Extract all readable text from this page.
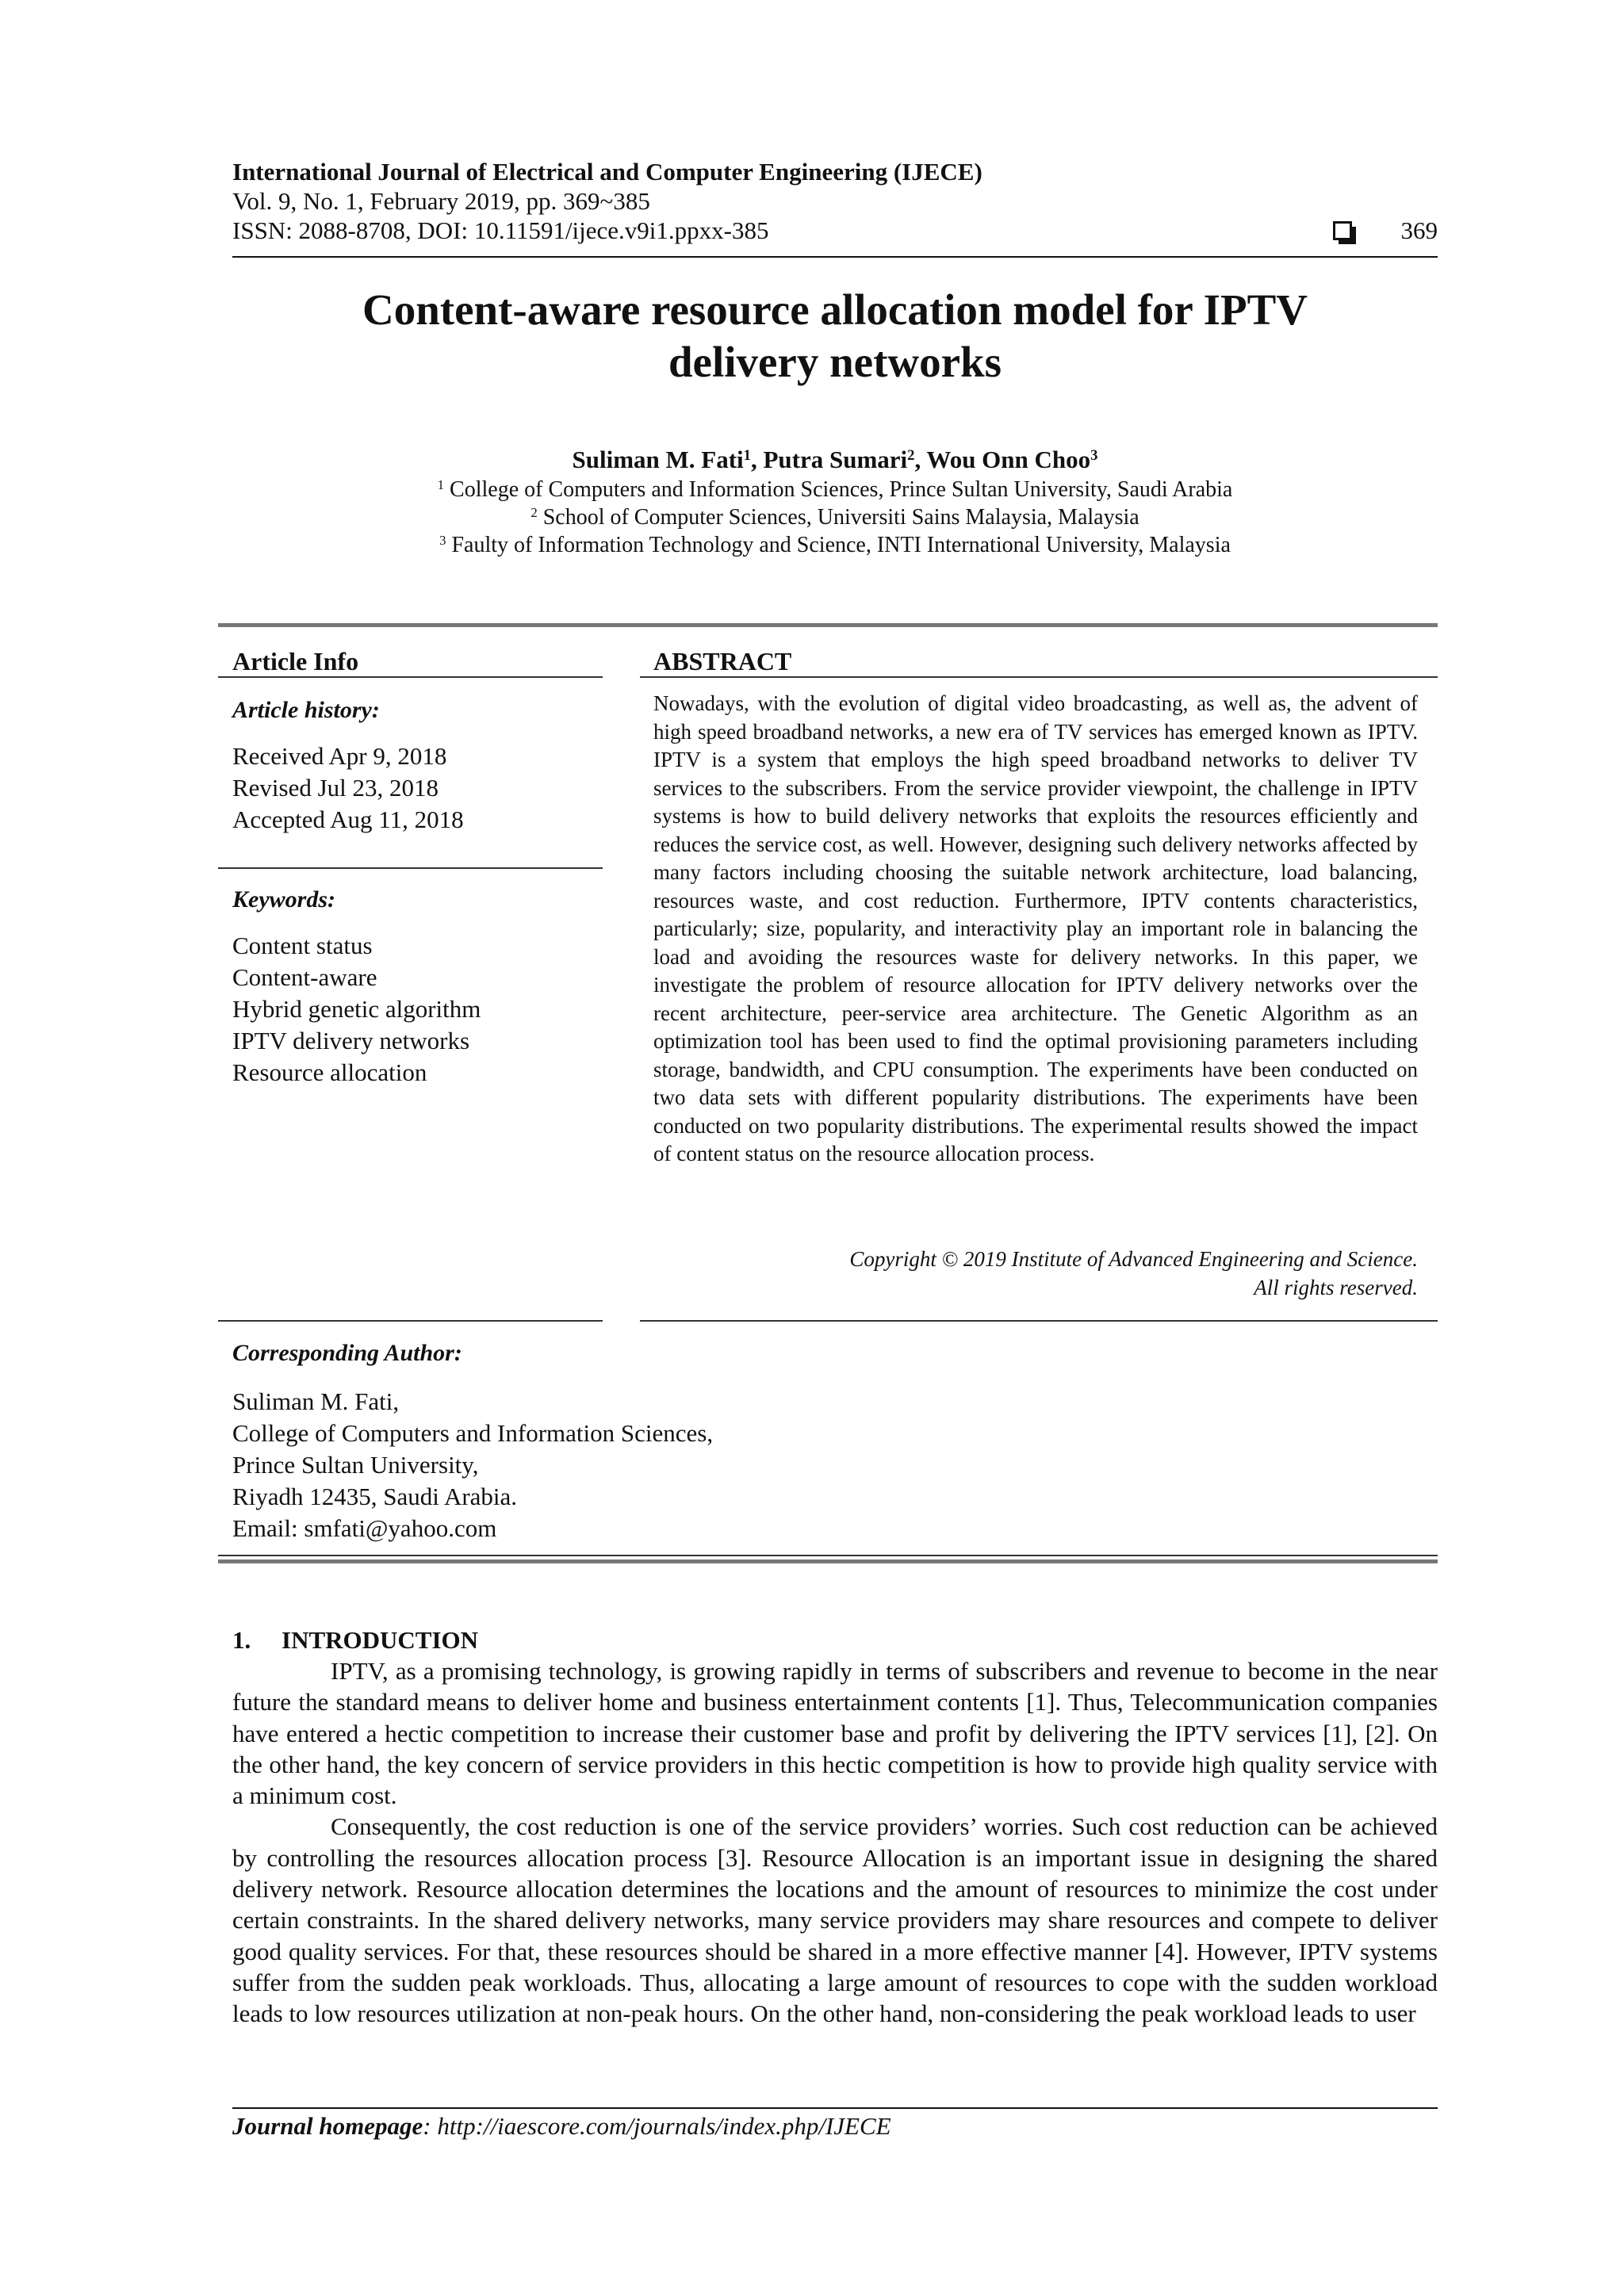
International Journal of Electrical and Computer Engineering (IJECE)
Vol. 9, No. 1, February 2019, pp. 369~385
ISSN: 2088-8708, DOI: 10.11591/ijece.v9i1.ppxx-385	369
Content-aware resource allocation model for IPTV
delivery networks
Suliman M. Fati$^1$, Putra Sumari$^2$, Wou Onn Choo$^3$
$^1$ College of Computers and Information Sciences, Prince Sultan University, Saudi Arabia
$^2$ School of Computer Sciences, Universiti Sains Malaysia, Malaysia
$^3$ Faulty of Information Technology and Science, INTI International University, Malaysia
Article Info
Article history:
Received Apr 9, 2018
Revised Jul 23, 2018
Accepted Aug 11, 2018
Keywords:
Content status
Content-aware
Hybrid genetic algorithm
IPTV delivery networks
Resource allocation
ABSTRACT
Nowadays, with the evolution of digital video broadcasting, as well as, the advent of high speed broadband networks, a new era of TV services has emerged known as IPTV. IPTV is a system that employs the high speed broadband networks to deliver TV services to the subscribers. From the service provider viewpoint, the challenge in IPTV systems is how to build delivery networks that exploits the resources efficiently and reduces the service cost, as well. However, designing such delivery networks affected by many factors including choosing the suitable network architecture, load balancing, resources waste, and cost reduction. Furthermore, IPTV contents characteristics, particularly; size, popularity, and interactivity play an important role in balancing the load and avoiding the resources waste for delivery networks. In this paper, we investigate the problem of resource allocation for IPTV delivery networks over the recent architecture, peer-service area architecture. The Genetic Algorithm as an optimization tool has been used to find the optimal provisioning parameters including storage, bandwidth, and CPU consumption. The experiments have been conducted on two data sets with different popularity distributions. The experiments have been conducted on two popularity distributions. The experimental results showed the impact of content status on the resource allocation process.
Copyright © 2019 Institute of Advanced Engineering and Science.
All rights reserved.
Corresponding Author:
Suliman M. Fati,
College of Computers and Information Sciences,
Prince Sultan University,
Riyadh 12435, Saudi Arabia.
Email: smfati@yahoo.com
1.     INTRODUCTION

IPTV, as a promising technology, is growing rapidly in terms of subscribers and revenue to become in the near future the standard means to deliver home and business entertainment contents [1]. Thus, Telecommunication companies have entered a hectic competition to increase their customer base and profit by delivering the IPTV services [1], [2]. On the other hand, the key concern of service providers in this hectic competition is how to provide high quality service with a minimum cost.

Consequently, the cost reduction is one of the service providers’ worries. Such cost reduction can be achieved by controlling the resources allocation process [3]. Resource Allocation is an important issue in designing the shared delivery network. Resource allocation determines the locations and the amount of resources to minimize the cost under certain constraints. In the shared delivery networks, many service providers may share resources and compete to deliver good quality services. For that, these resources should be shared in a more effective manner [4]. However, IPTV systems suffer from the sudden peak workloads. Thus, allocating a large amount of resources to cope with the sudden workload leads to low resources utilization at non-peak hours. On the other hand, non-considering the peak workload leads to user

Journal homepage: http://iaescore.com/journals/index.php/IJECE
